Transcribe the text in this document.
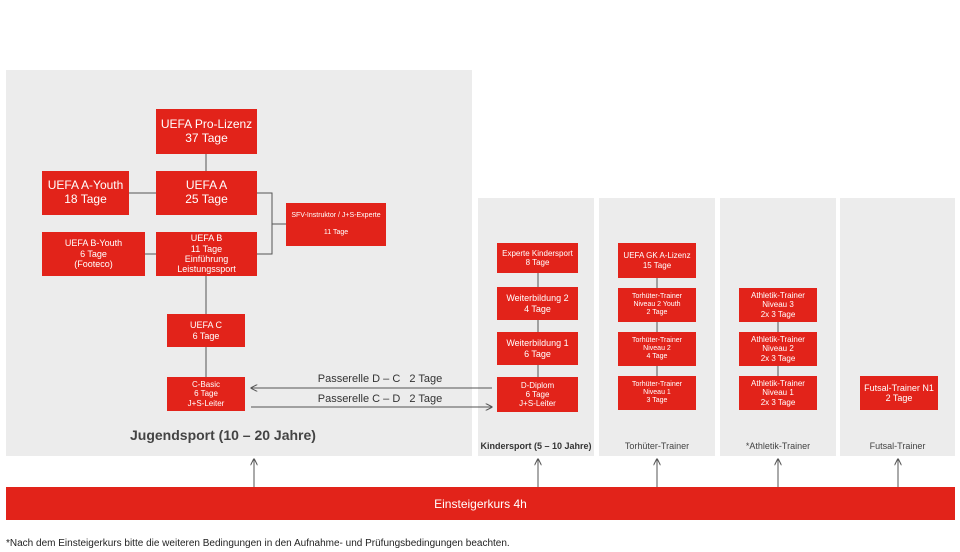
UEFA Pro-Lizenz
37 Tage
UEFA A-Youth
18 Tage
UEFA A
25 Tage
SFV-Instruktor / J+S-Experte
11 Tage
UEFA B-Youth
6 Tage
(Footeco)
UEFA B
11 Tage
Einführung Leistungssport
UEFA C
6 Tage
C-Basic
6 Tage
J+S-Leiter
Jugendsport (10 – 20 Jahre)
Passerelle D – C   2 Tage
Passerelle C – D   2 Tage
Experte Kindersport
8 Tage
Weiterbildung 2
4 Tage
Weiterbildung 1
6 Tage
D-Diplom
6 Tage
J+S-Leiter
Kindersport (5 – 10 Jahre)
UEFA GK A-Lizenz
15 Tage
Torhüter-Trainer
Niveau 2 Youth
2 Tage
Torhüter-Trainer
Niveau 2
4 Tage
Torhüter-Trainer
Niveau 1
3 Tage
Torhüter-Trainer
Athletik-Trainer
Niveau 3
2x 3 Tage
Athletik-Trainer
Niveau 2
2x 3 Tage
Athletik-Trainer
Niveau 1
2x 3 Tage
*Athletik-Trainer
Futsal-Trainer N1
2 Tage
Futsal-Trainer
Einsteigerkurs 4h
*Nach dem Einsteigerkurs bitte die weiteren Bedingungen in den Aufnahme- und Prüfungsbedingungen beachten.
